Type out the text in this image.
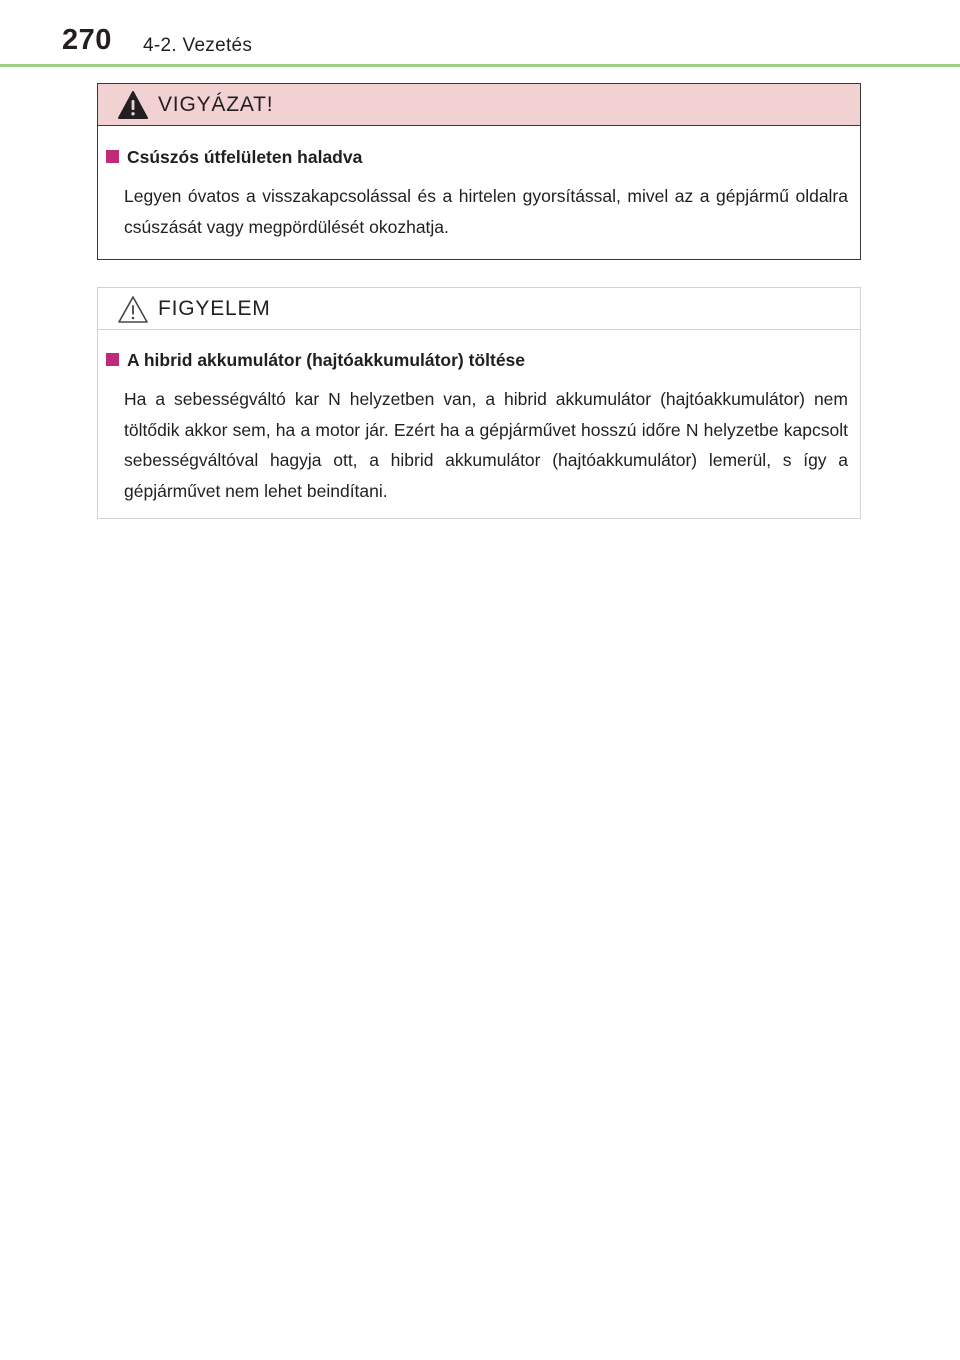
270 4-2. Vezetés
VIGYÁZAT!
Csúszós útfelületen haladva
Legyen óvatos a visszakapcsolással és a hirtelen gyorsítással, mivel az a gépjármű oldalra csúszását vagy megpördülését okozhatja.
FIGYELEM
A hibrid akkumulátor (hajtóakkumulátor) töltése
Ha a sebességváltó kar N helyzetben van, a hibrid akkumulátor (hajtóakkumulátor) nem töltődik akkor sem, ha a motor jár. Ezért ha a gépjárművet hosszú időre N helyzetbe kapcsolt sebességváltóval hagyja ott, a hibrid akkumulátor (hajtóakkumulátor) lemerül, s így a gépjárművet nem lehet beindítani.
